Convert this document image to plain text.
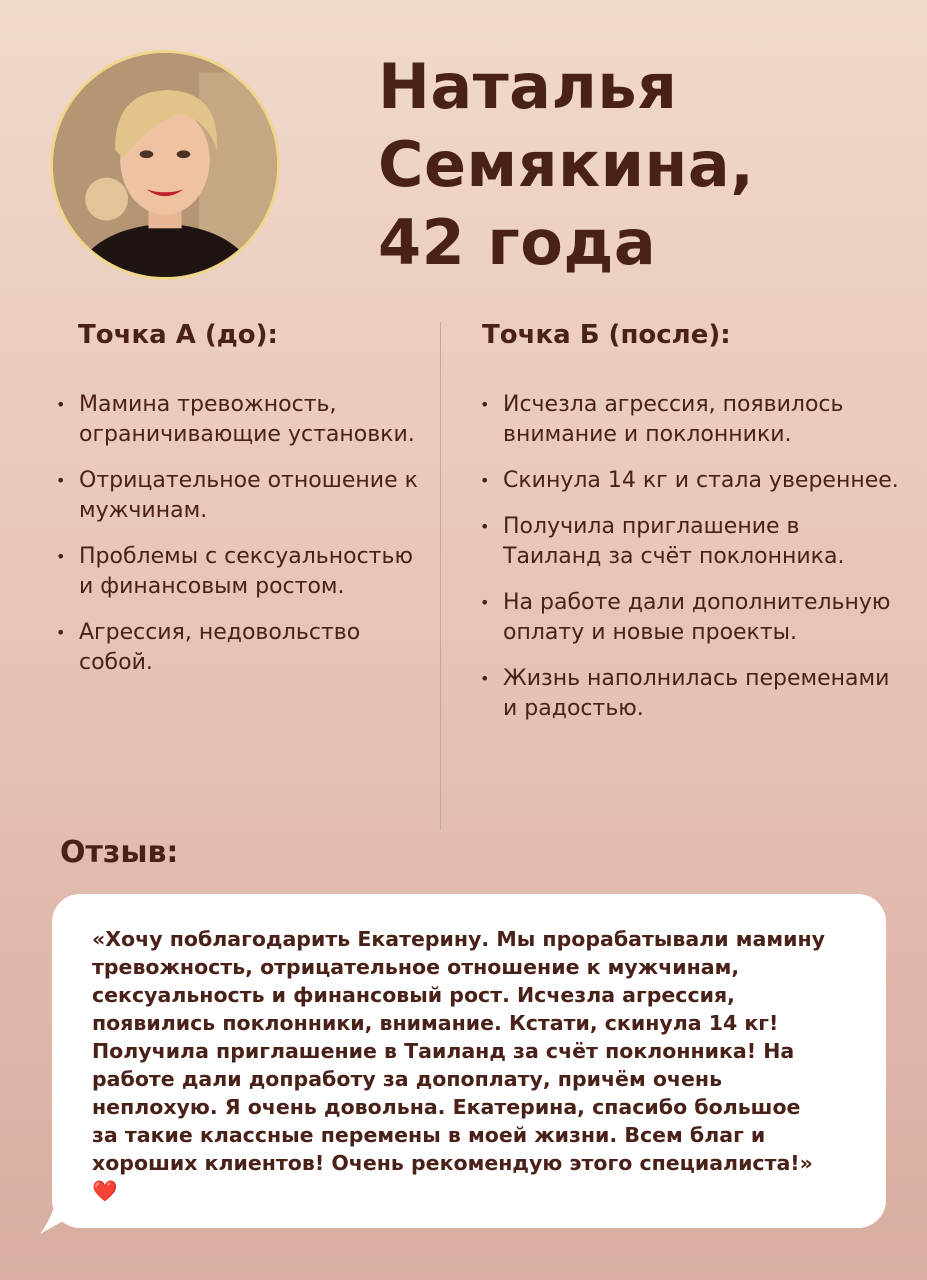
Наталья
Семякина,
42 года
Точка А (до):	Точка Б (после):
• Мамина тревожность, ограничивающие установки.
• Отрицательное отношение к мужчинам.
• Проблемы с сексуальностью и финансовым ростом.
• Агрессия, недовольство собой.
• Исчезла агрессия, появилось внимание и поклонники.
• Скинула 14 кг и стала увереннее.
• Получила приглашение в Таиланд за счёт поклонника.
• На работе дали дополнительную оплату и новые проекты.
• Жизнь наполнилась переменами и радостью.
Отзыв:

«Хочу поблагодарить Екатерину. Мы прорабатывали мамину тревожность, отрицательное отношение к мужчинам, сексуальность и финансовый рост. Исчезла агрессия, появились поклонники, внимание. Кстати, скинула 14 кг! Получила приглашение в Таиланд за счёт поклонника! На работе дали допработу за допоплату, причём очень неплохую. Я очень довольна. Екатерина, спасибо большое за такие классные перемены в моей жизни. Всем благ и хороших клиентов! Очень рекомендую этого специалиста!» ❤️
